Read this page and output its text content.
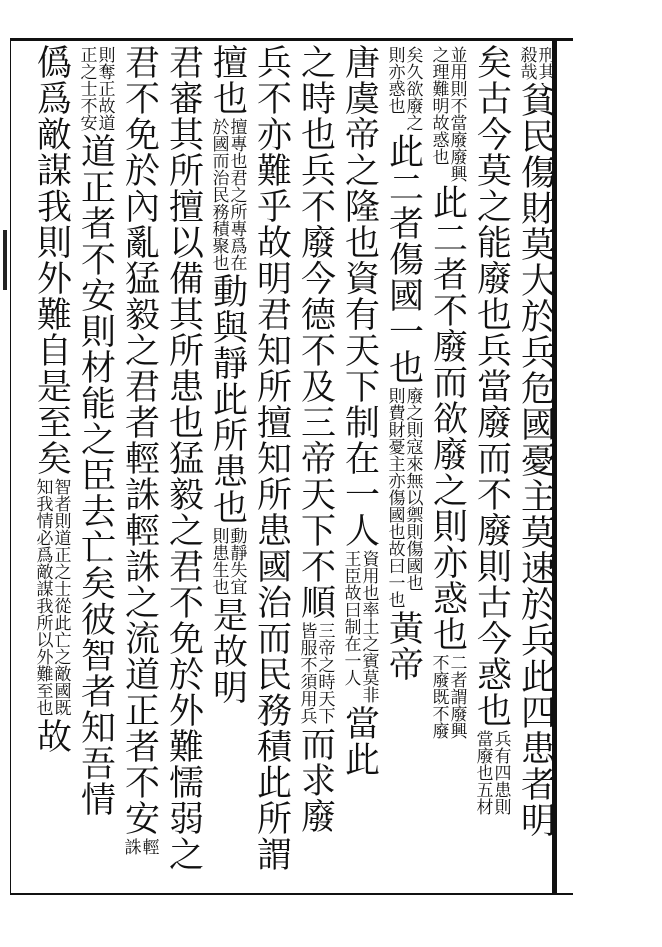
刑其
殺哉
貧民傷財莫大於兵危國憂主莫速於兵此四患者明
矣古今莫之能廢也兵當廢而不廢則古今惑也
兵有四患則
當廢也五材
並用則不當廢廢興
之理難明故惑也
此二者不廢而欲廢之則亦惑也
二者謂廢興
不廢既不廢
矣久欲廢之
則亦惑也
此二者傷國一也
廢之則寇來無以禦則傷國也
則費財憂主亦傷國也故曰一也
黃帝
唐虞帝之隆也資有天下制在一人
資用也率土之賓莫非
王臣故曰制在一人
當此
之時也兵不廢今德不及三帝天下不順
三帝之時天下
皆服不須用兵
而求廢
兵不亦難乎故明君知所擅知所患國治而民務積此所謂
擅也
擅專也君之所專爲在
於國而治民務積聚也
動與靜此所患也
動靜失宜
則患生也
是故明
君審其所擅以備其所患也猛毅之君不免於外難懦弱之
君不免於內亂猛毅之君者輕誅輕誅之流道正者不安
輕
誅
則奪正故道
正之士不安
道正者不安則材能之臣去亡矣彼智者知吾情
僞爲敵謀我則外難自是至矣
智者則道正之士從此亡之敵國既
知我情必爲敵謀我所以外難至也
故
